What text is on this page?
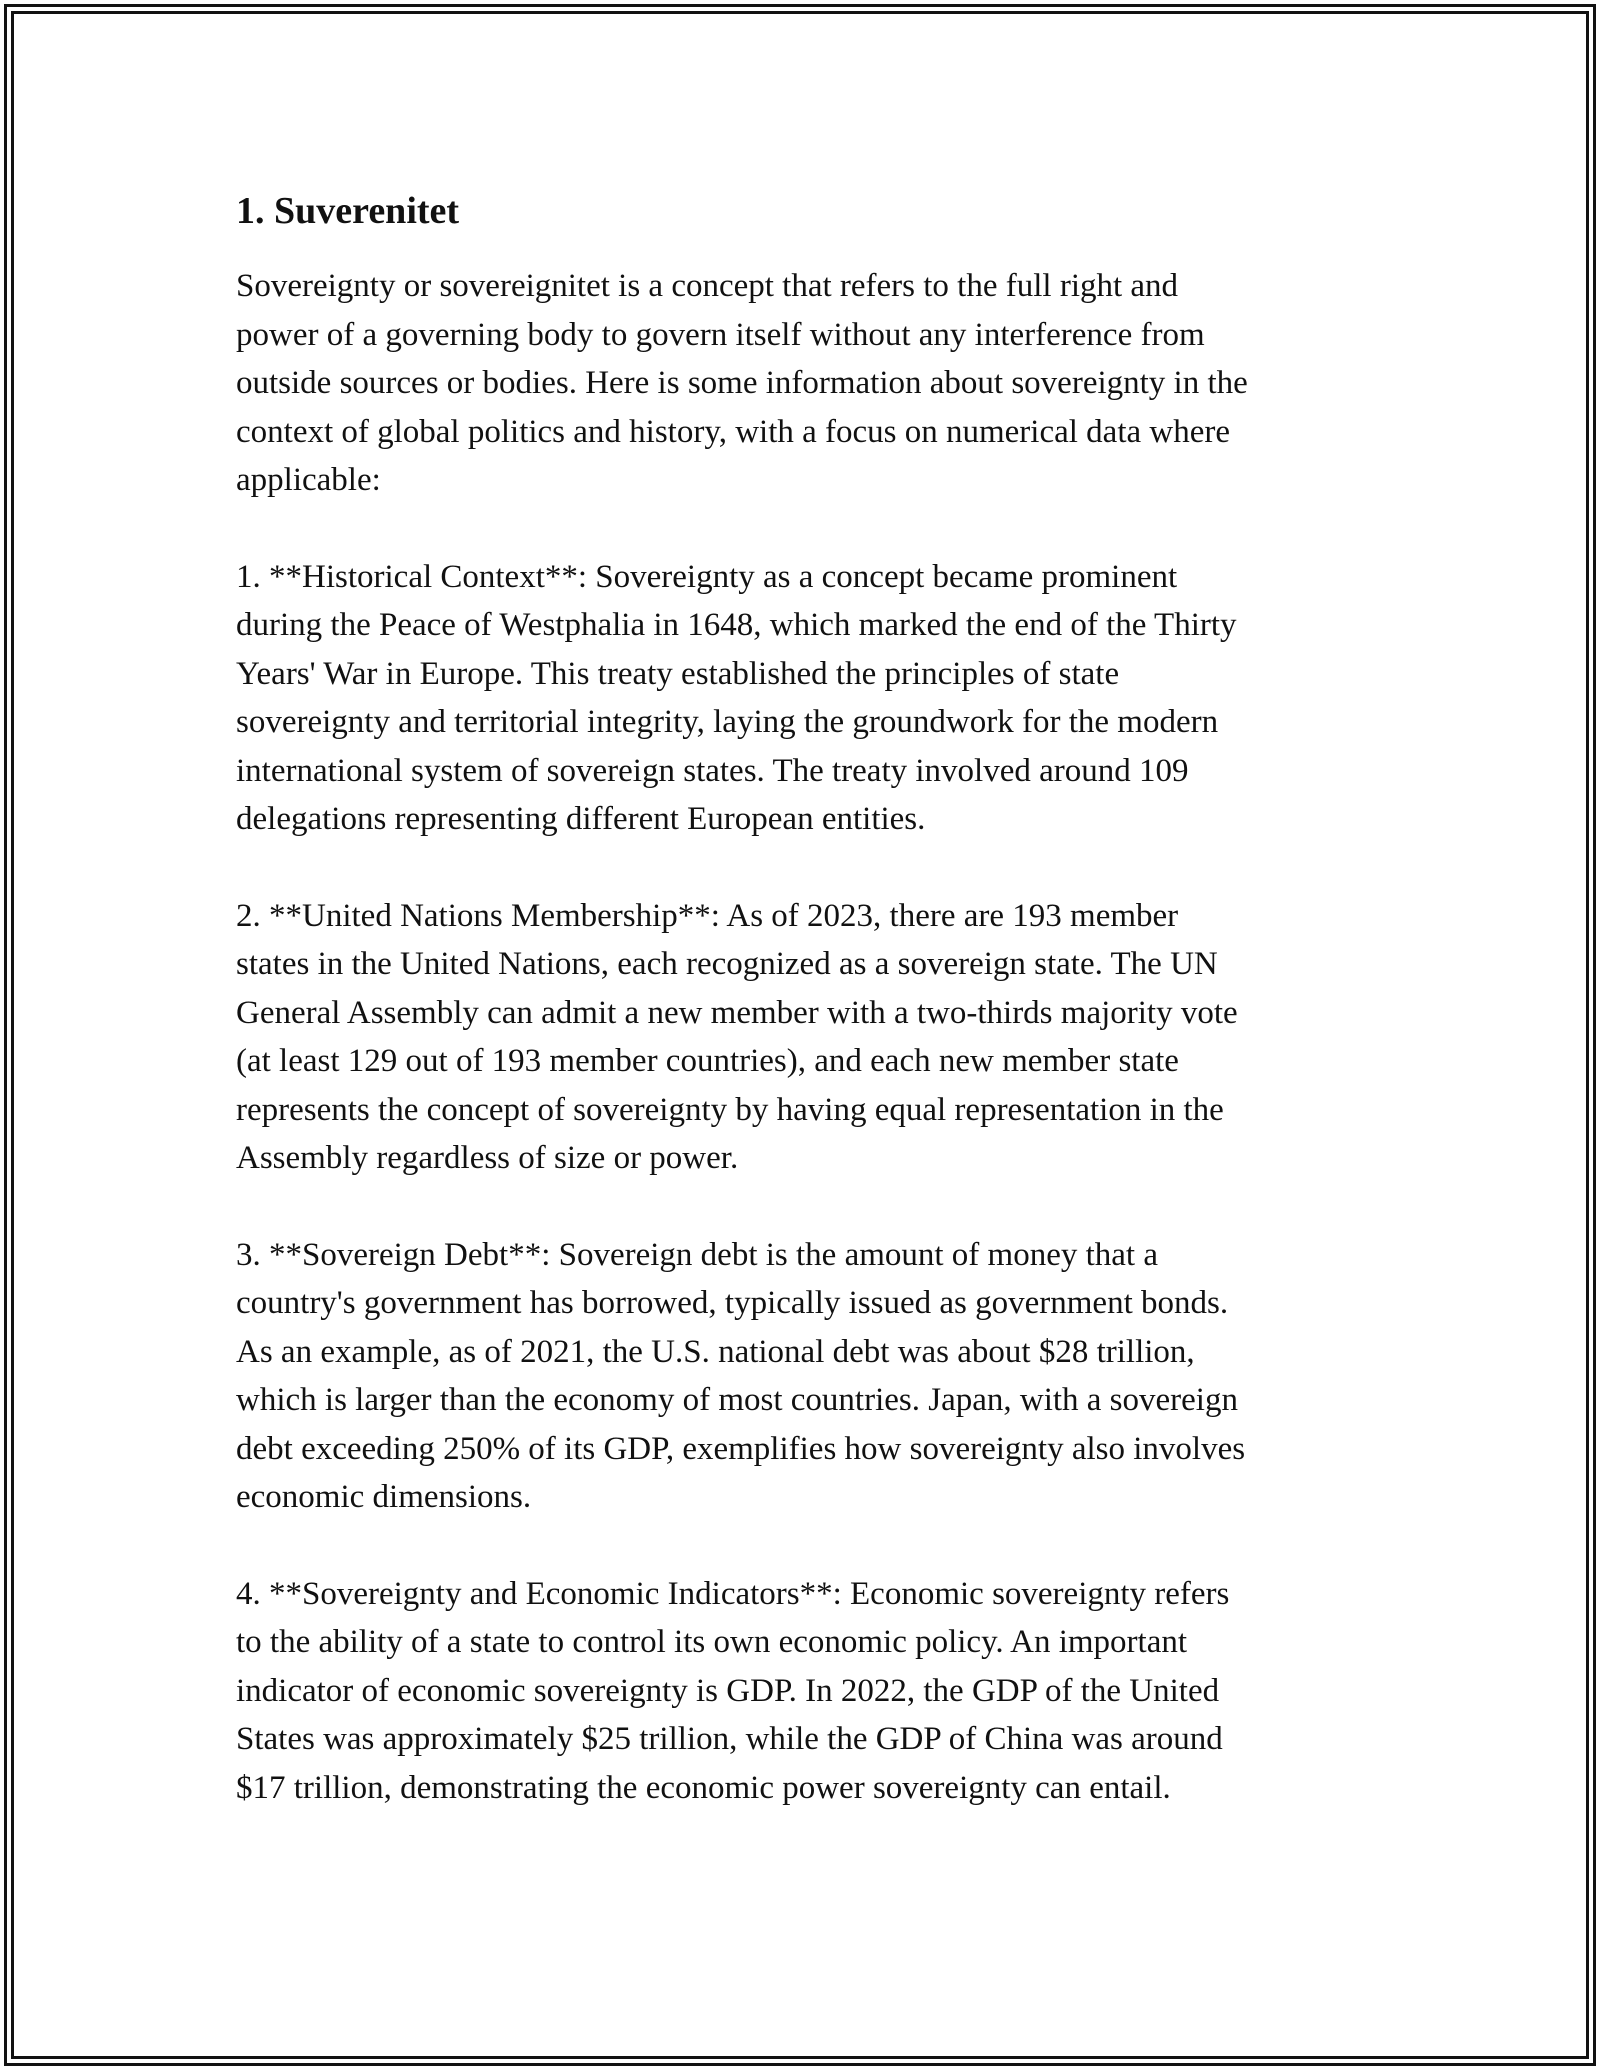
1. Suverenitet

Sovereignty or sovereignitet is a concept that refers to the full right and
power of a governing body to govern itself without any interference from
outside sources or bodies. Here is some information about sovereignty in the
context of global politics and history, with a focus on numerical data where
applicable:

1. **Historical Context**: Sovereignty as a concept became prominent
during the Peace of Westphalia in 1648, which marked the end of the Thirty
Years' War in Europe. This treaty established the principles of state
sovereignty and territorial integrity, laying the groundwork for the modern
international system of sovereign states. The treaty involved around 109
delegations representing different European entities.

2. **United Nations Membership**: As of 2023, there are 193 member
states in the United Nations, each recognized as a sovereign state. The UN
General Assembly can admit a new member with a two-thirds majority vote
(at least 129 out of 193 member countries), and each new member state
represents the concept of sovereignty by having equal representation in the
Assembly regardless of size or power.

3. **Sovereign Debt**: Sovereign debt is the amount of money that a
country's government has borrowed, typically issued as government bonds.
As an example, as of 2021, the U.S. national debt was about $28 trillion,
which is larger than the economy of most countries. Japan, with a sovereign
debt exceeding 250% of its GDP, exemplifies how sovereignty also involves
economic dimensions.

4. **Sovereignty and Economic Indicators**: Economic sovereignty refers
to the ability of a state to control its own economic policy. An important
indicator of economic sovereignty is GDP. In 2022, the GDP of the United
States was approximately $25 trillion, while the GDP of China was around
$17 trillion, demonstrating the economic power sovereignty can entail.
